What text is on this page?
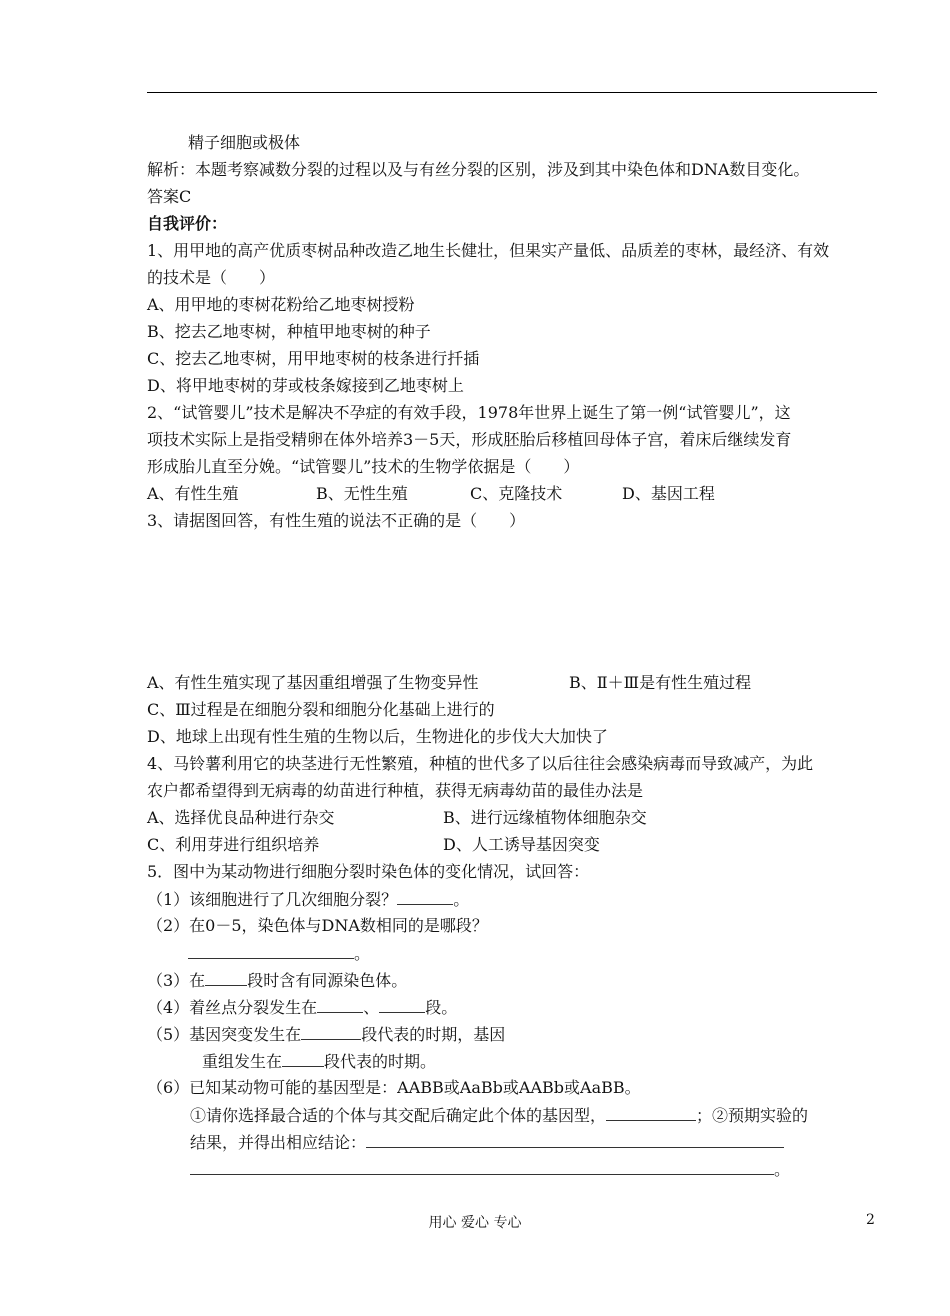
精子细胞或极体
解析：本题考察减数分裂的过程以及与有丝分裂的区别，涉及到其中染色体和DNA数目变化。
答案C
自我评价：
1、用甲地的高产优质枣树品种改造乙地生长健壮，但果实产量低、品质差的枣林，最经济、有效
的技术是（　　）
A、用甲地的枣树花粉给乙地枣树授粉
B、挖去乙地枣树，种植甲地枣树的种子
C、挖去乙地枣树，用甲地枣树的枝条进行扦插
D、将甲地枣树的芽或枝条嫁接到乙地枣树上
2、“试管婴儿”技术是解决不孕症的有效手段，1978年世界上诞生了第一例“试管婴儿”，这
项技术实际上是指受精卵在体外培养3－5天，形成胚胎后移植回母体子宫，着床后继续发育
形成胎儿直至分娩。“试管婴儿”技术的生物学依据是（　　）
A、有性生殖	B、无性生殖	C、克隆技术	D、基因工程
3、请据图回答，有性生殖的说法不正确的是（　　）
A、有性生殖实现了基因重组增强了生物变异性	B、Ⅱ＋Ⅲ是有性生殖过程
C、Ⅲ过程是在细胞分裂和细胞分化基础上进行的
D、地球上出现有性生殖的生物以后，生物进化的步伐大大加快了
4、马铃薯利用它的块茎进行无性繁殖，种植的世代多了以后往往会感染病毒而导致减产，为此
农户都希望得到无病毒的幼苗进行种植，获得无病毒幼苗的最佳办法是
A、选择优良品种进行杂交	B、进行远缘植物体细胞杂交
C、利用芽进行组织培养	D、人工诱导基因突变
5．图中为某动物进行细胞分裂时染色体的变化情况，试回答：
（1）该细胞进行了几次细胞分裂？	。
（2）在0－5，染色体与DNA数相同的是哪段？
。
（3）在	段时含有同源染色体。
（4）着丝点分裂发生在	、	段。
（5）基因突变发生在	段代表的时期，基因
重组发生在	段代表的时期。
（6）已知某动物可能的基因型是：AABB或AaBb或AABb或AaBB。
①请你选择最合适的个体与其交配后确定此个体的基因型，	；②预期实验的
结果，并得出相应结论：
。
用心 爱心 专心	2
